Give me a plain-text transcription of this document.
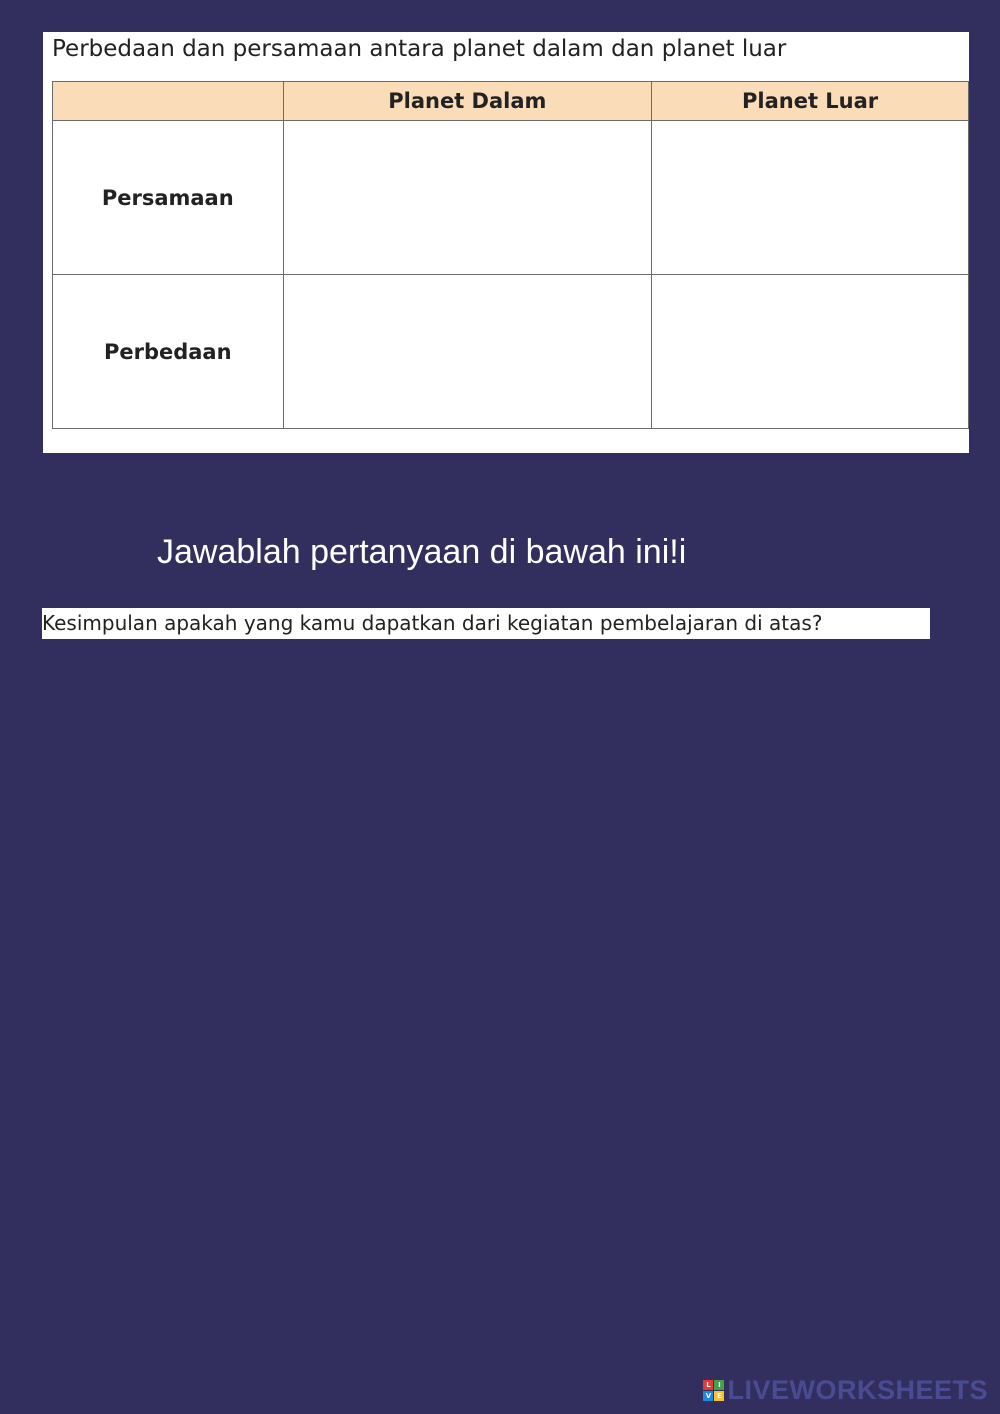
Perbedaan dan persamaan antara planet dalam dan planet luar
	Planet Dalam	Planet Luar
Persamaan		
Perbedaan		
Jawablah pertanyaan di bawah ini!i
Kesimpulan apakah yang kamu dapatkan dari kegiatan pembelajaran di atas?
L	I
V E LIVEWORKSHEETS
